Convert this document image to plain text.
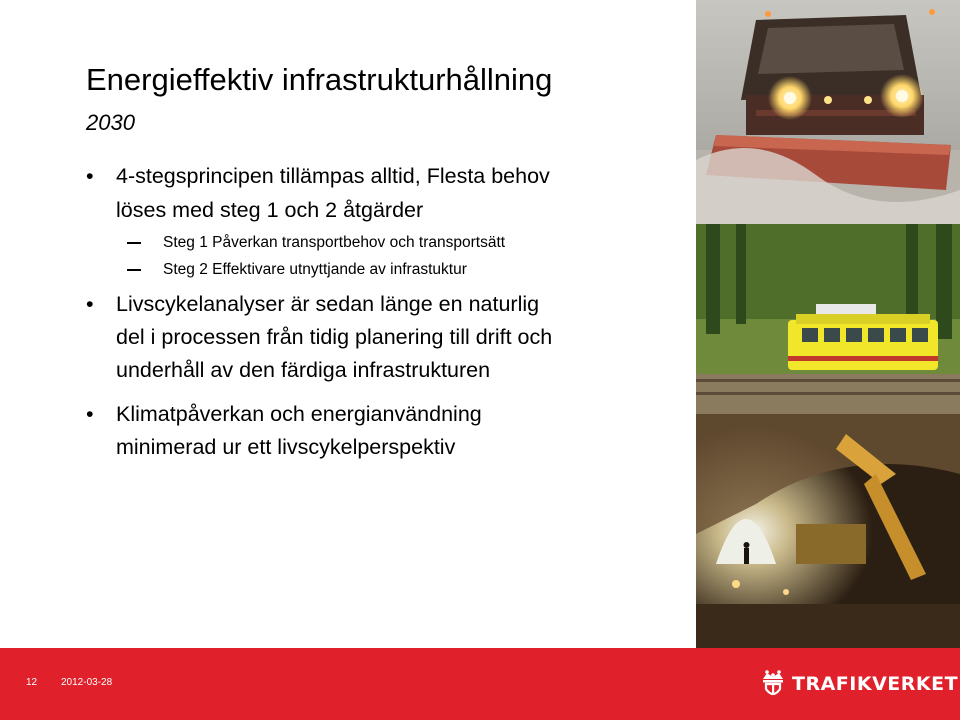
Energieffektiv infrastrukturhållning
2030
•	4-stegsprincipen tillämpas alltid, Flesta behov
löses med steg 1 och 2 åtgärder
Steg 1 Påverkan transportbehov och transportsätt
Steg 2 Effektivare utnyttjande av infrastuktur
•	Livscykelanalyser är sedan länge en naturlig
del i processen från tidig planering till drift och
underhåll av den färdiga infrastrukturen
•	Klimatpåverkan och energianvändning
minimerad ur ett livscykelperspektiv
12 2012-03-28	TRAFIKVERKET
